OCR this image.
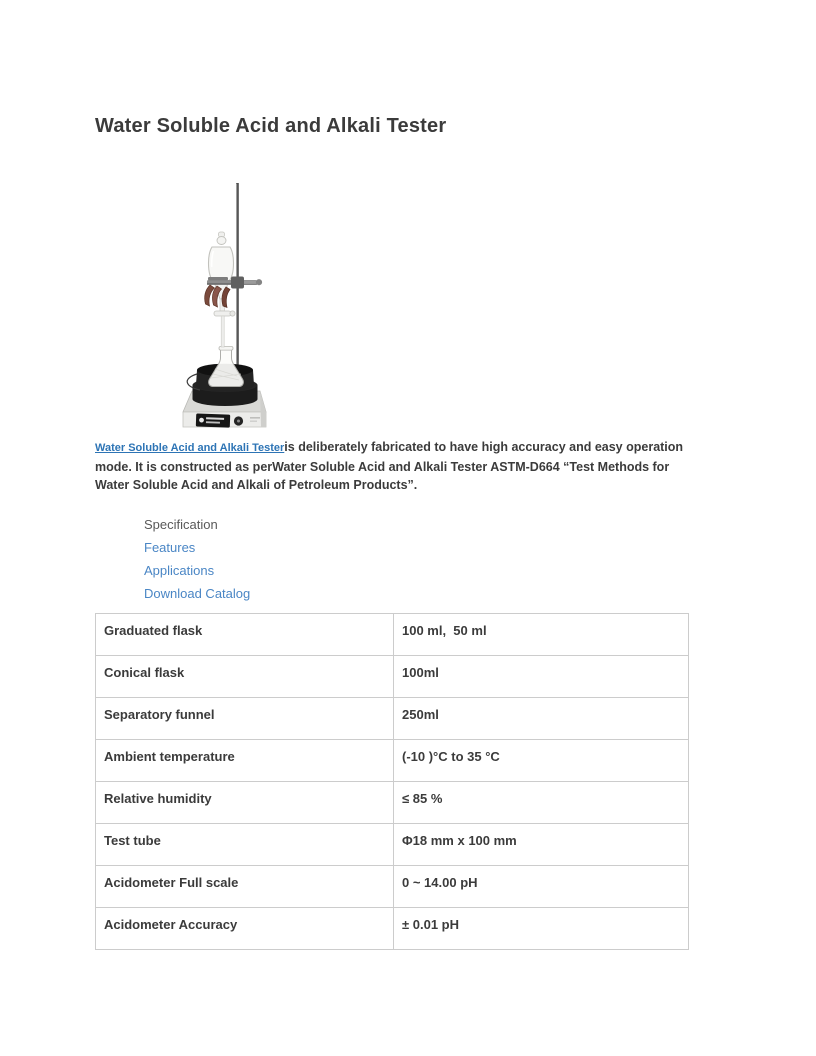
Water Soluble Acid and Alkali Tester

Water Soluble Acid and Alkali Testeris deliberately fabricated to have high accuracy and easy operation mode. It is constructed as perWater Soluble Acid and Alkali Tester ASTM-D664 “Test Methods for Water Soluble Acid and Alkali of Petroleum Products”.

Specification
Features
Applications
Download Catalog
Graduated flask	100 ml,  50 ml
Conical flask	100ml
Separatory funnel	250ml
Ambient temperature	(-10 )°C to 35 °C
Relative humidity	≤ 85 %
Test tube	Φ18 mm x 100 mm
Acidometer Full scale	0 ~ 14.00 pH
Acidometer Accuracy	± 0.01 pH
